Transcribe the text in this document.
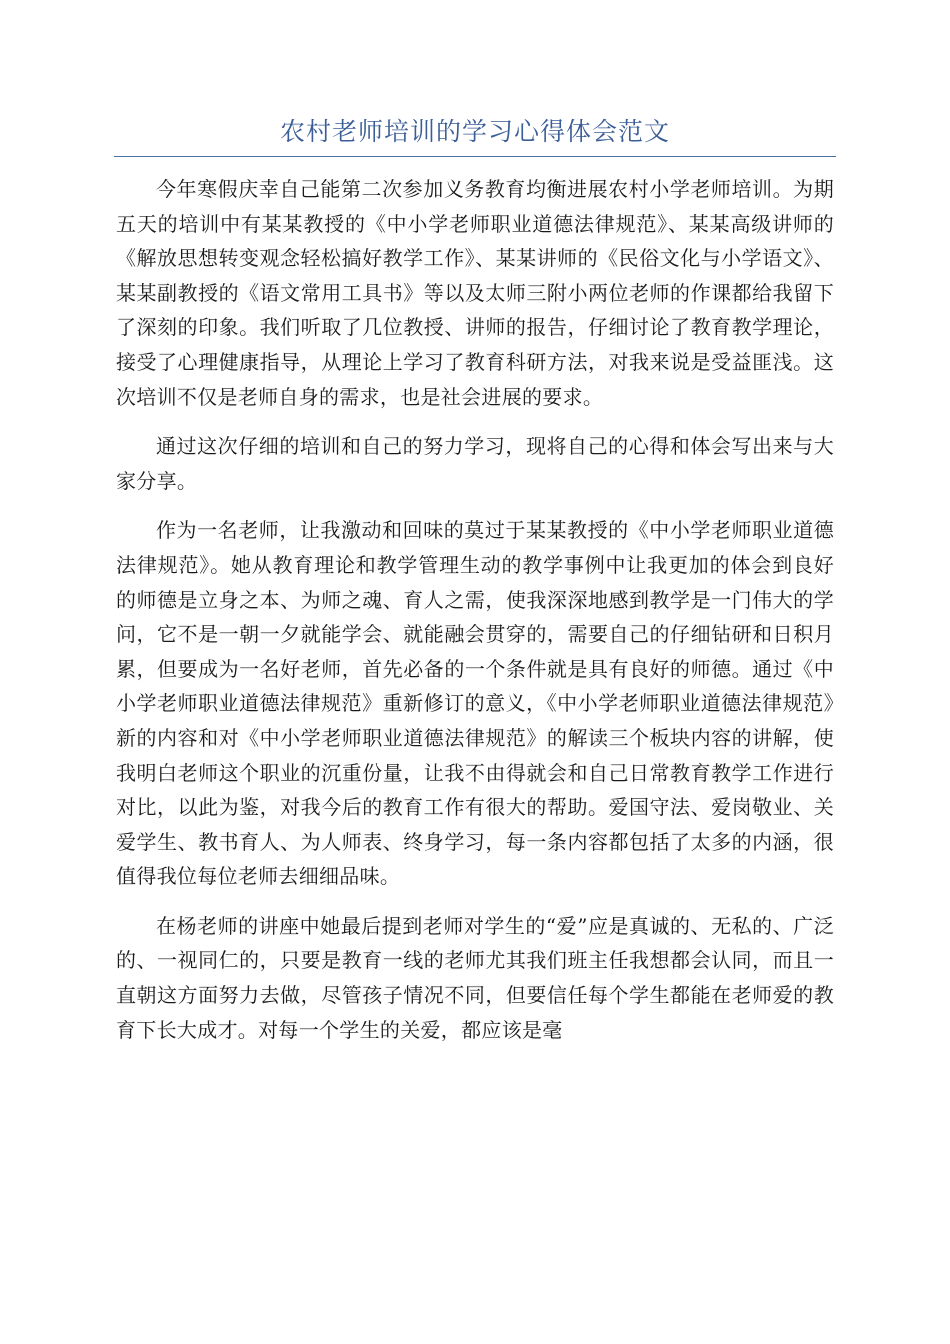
农村老师培训的学习心得体会范文

今年寒假庆幸自己能第二次参加义务教育均衡进展农村小学老师培训。为期五天的培训中有某某教授的《中小学老师职业道德法律规范》、某某高级讲师的《解放思想转变观念轻松搞好教学工作》、某某讲师的《民俗文化与小学语文》、某某副教授的《语文常用工具书》等以及太师三附小两位老师的作课都给我留下了深刻的印象。我们听取了几位教授、讲师的报告，仔细讨论了教育教学理论，接受了心理健康指导，从理论上学习了教育科研方法，对我来说是受益匪浅。这次培训不仅是老师自身的需求，也是社会进展的要求。

通过这次仔细的培训和自己的努力学习，现将自己的心得和体会写出来与大家分享。

作为一名老师，让我激动和回味的莫过于某某教授的《中小学老师职业道德法律规范》。她从教育理论和教学管理生动的教学事例中让我更加的体会到良好的师德是立身之本、为师之魂、育人之需，使我深深地感到教学是一门伟大的学问，它不是一朝一夕就能学会、就能融会贯穿的，需要自己的仔细钻研和日积月累，但要成为一名好老师，首先必备的一个条件就是具有良好的师德。通过《中小学老师职业道德法律规范》重新修订的意义，《中小学老师职业道德法律规范》新的内容和对《中小学老师职业道德法律规范》的解读三个板块内容的讲解，使我明白老师这个职业的沉重份量，让我不由得就会和自己日常教育教学工作进行对比，以此为鉴，对我今后的教育工作有很大的帮助。爱国守法、爱岗敬业、关爱学生、教书育人、为人师表、终身学习，每一条内容都包括了太多的内涵，很值得我位每位老师去细细品味。

在杨老师的讲座中她最后提到老师对学生的“爱”应是真诚的、无私的、广泛的、一视同仁的，只要是教育一线的老师尤其我们班主任我想都会认同，而且一直朝这方面努力去做，尽管孩子情况不同，但要信任每个学生都能在老师爱的教育下长大成才。对每一个学生的关爱，都应该是毫
